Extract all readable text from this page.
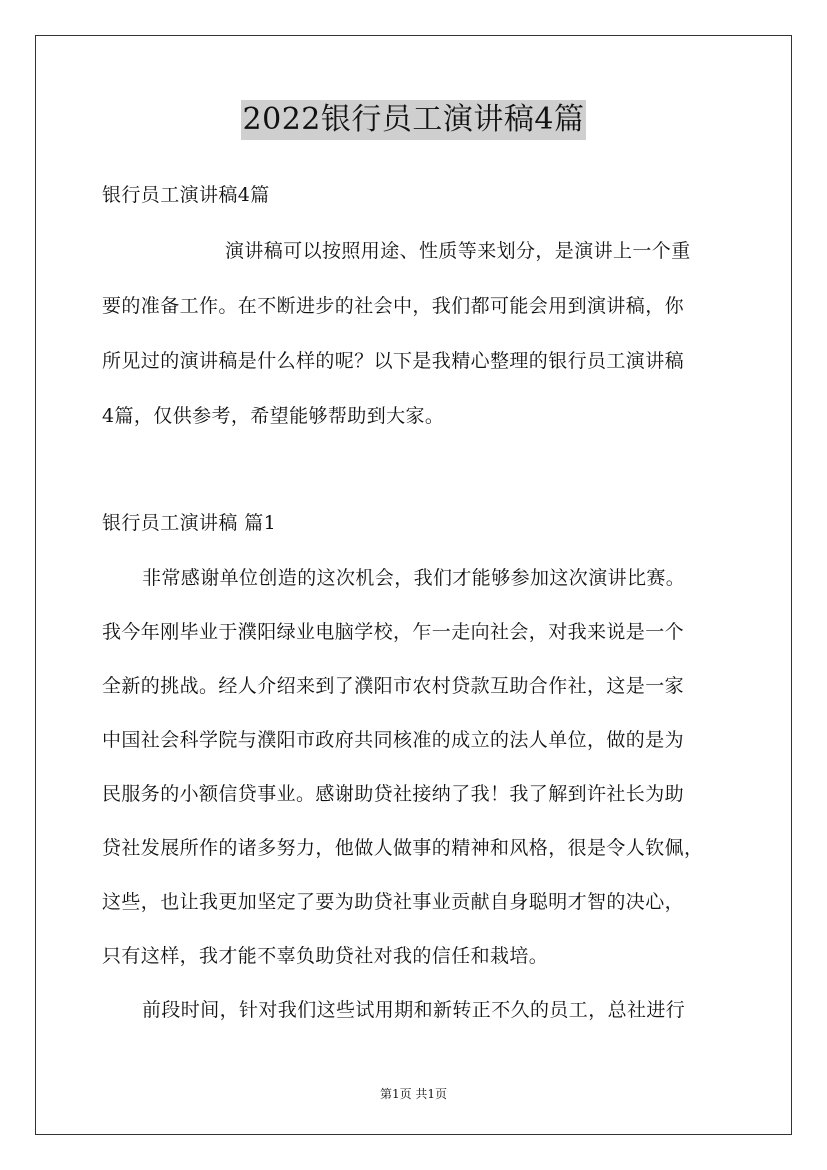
2022银行员工演讲稿4篇
银行员工演讲稿4篇
演讲稿可以按照用途、性质等来划分，是演讲上一个重
要的准备工作。在不断进步的社会中，我们都可能会用到演讲稿，你
所见过的演讲稿是什么样的呢？以下是我精心整理的银行员工演讲稿
4篇，仅供参考，希望能够帮助到大家。
银行员工演讲稿 篇1
非常感谢单位创造的这次机会，我们才能够参加这次演讲比赛。
我今年刚毕业于濮阳绿业电脑学校，乍一走向社会，对我来说是一个
全新的挑战。经人介绍来到了濮阳市农村贷款互助合作社，这是一家
中国社会科学院与濮阳市政府共同核准的成立的法人单位，做的是为
民服务的小额信贷事业。感谢助贷社接纳了我！我了解到许社长为助
贷社发展所作的诸多努力，他做人做事的精神和风格，很是令人钦佩，
这些，也让我更加坚定了要为助贷社事业贡献自身聪明才智的决心，
只有这样，我才能不辜负助贷社对我的信任和栽培。
前段时间，针对我们这些试用期和新转正不久的员工，总社进行
第1页 共1页
